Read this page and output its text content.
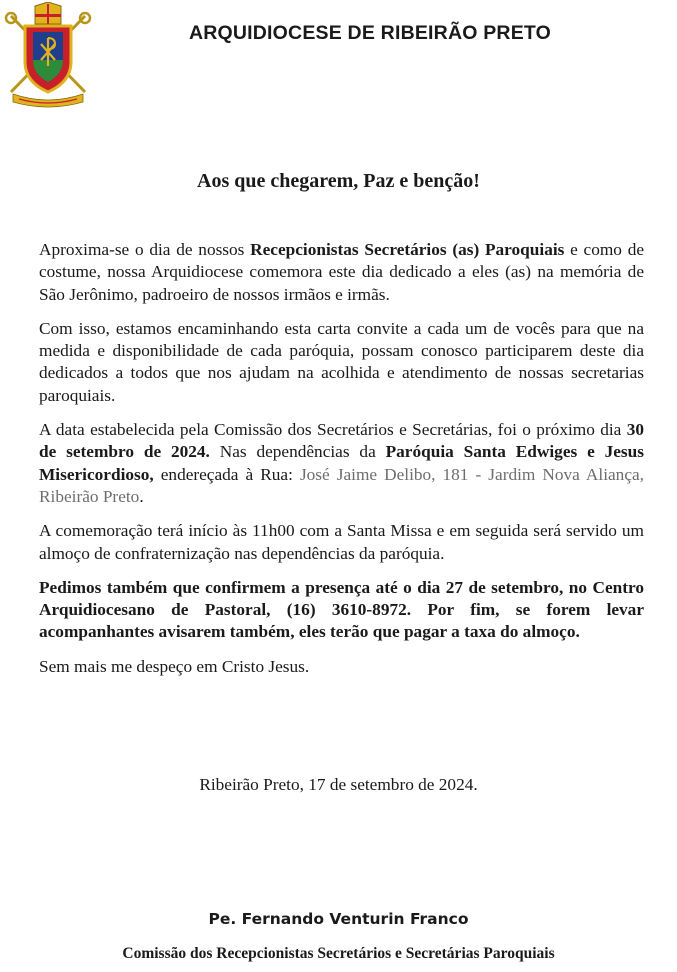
ARQUIDIOCESE DE RIBEIRÃO PRETO
Aos que chegarem, Paz e benção!

Aproxima-se o dia de nossos Recepcionistas Secretários (as) Paroquiais e como de costume, nossa Arquidiocese comemora este dia dedicado a eles (as) na memória de São Jerônimo, padroeiro de nossos irmãos e irmãs.

Com isso, estamos encaminhando esta carta convite a cada um de vocês para que na medida e disponibilidade de cada paróquia, possam conosco participarem deste dia dedicados a todos que nos ajudam na acolhida e atendimento de nossas secretarias paroquiais.

A data estabelecida pela Comissão dos Secretários e Secretárias, foi o próximo dia 30 de setembro de 2024. Nas dependências da Paróquia Santa Edwiges e Jesus Misericordioso, endereçada à Rua: José Jaime Delibo, 181 - Jardim Nova Aliança, Ribeirão Preto.

A comemoração terá início às 11h00 com a Santa Missa e em seguida será servido um almoço de confraternização nas dependências da paróquia.

Pedimos também que confirmem a presença até o dia 27 de setembro, no Centro Arquidiocesano de Pastoral, (16) 3610-8972. Por fim, se forem levar acompanhantes avisarem também, eles terão que pagar a taxa do almoço.

Sem mais me despeço em Cristo Jesus.

Ribeirão Preto, 17 de setembro de 2024.
Pe. Fernando Venturin Franco
Comissão dos Recepcionistas Secretários e Secretárias Paroquiais
